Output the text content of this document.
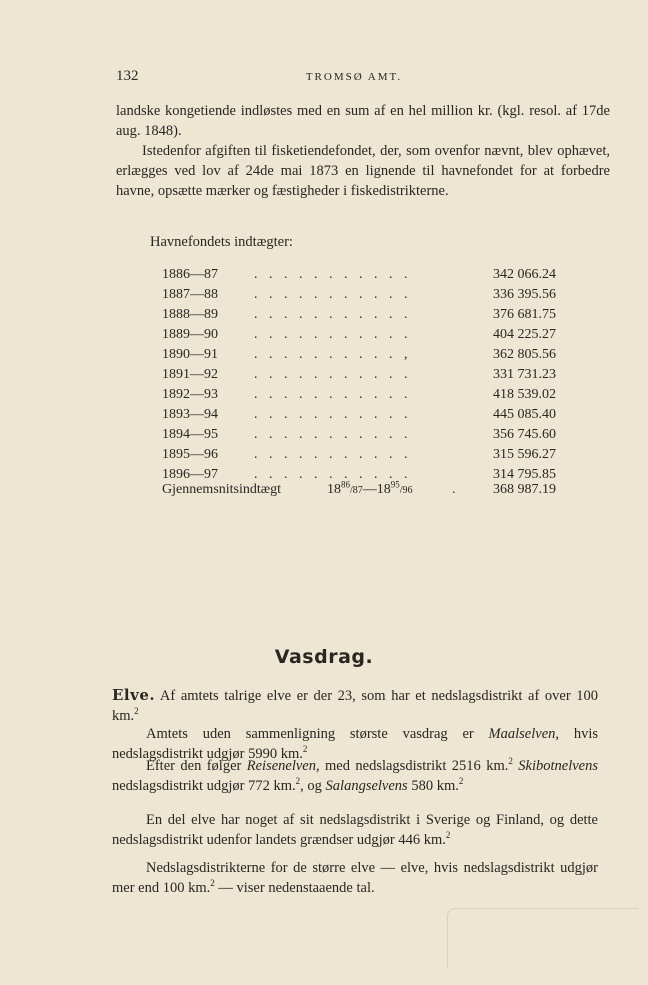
132	TROMSØ AMT.

landske kongetiende indløstes med en sum af en hel million kr. (kgl. resol. af 17de aug. 1848).

Istedenfor afgiften til fisketiendefondet, der, som ovenfor nævnt, blev ophævet, erlægges ved lov af 24de mai 1873 en lignende til havnefondet for at forbedre havne, opsætte mærker og fæstigheder i fiskedistrikterne.

Havnefondets indtægter:
1886—87	. . . . . . . . . . .	342 066.24
1887—88	. . . . . . . . . . .	336 395.56
1888—89	. . . . . . . . . . .	376 681.75
1889—90	. . . . . . . . . . .	404 225.27
1890—91	. . . . . . . . . . ,	362 805.56
1891—92	. . . . . . . . . . .	331 731.23
1892—93	. . . . . . . . . . .	418 539.02
1893—94	. . . . . . . . . . .	445 085.40
1894—95	. . . . . . . . . . .	356 745.60
1895—96	. . . . . . . . . . .	315 596.27
1896—97	. . . . . . . . . . .	314 795.85
Gjennemsnitsindtægt	$18^{86}/87—18^{95}/96$	.	368 987.19
Vasdrag.

Elve. Af amtets talrige elve er der 23, som har et nedslagsdistrikt af over 100 km.$^2$

Amtets uden sammenligning største vasdrag er Maalselven, hvis nedslagsdistrikt udgjør 5990 km.$^2$

Efter den følger Reisenelven, med nedslagsdistrikt 2516 km.$^2$ Skibotnelvens nedslagsdistrikt udgjør 772 km.$^2$, og Salangselvens 580 km.$^2$

En del elve har noget af sit nedslagsdistrikt i Sverige og Finland, og dette nedslagsdistrikt udenfor landets grændser udgjør 446 km.$^2$

Nedslagsdistrikterne for de større elve — elve, hvis nedslagsdistrikt udgjør mer end 100 km.$^2$ — viser nedenstaaende tal.
